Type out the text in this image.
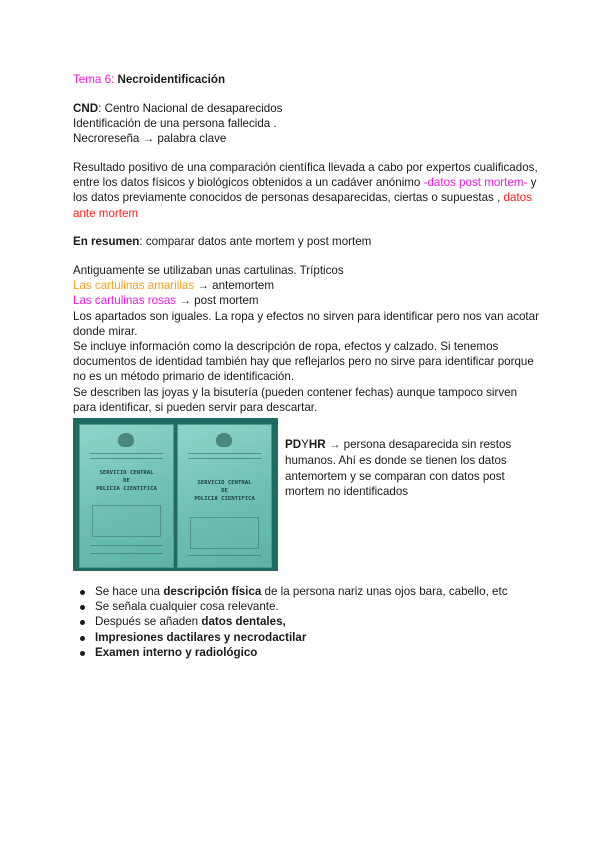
Tema 6: Necroidentificación

CND: Centro Nacional de desaparecidos

Identificación de una persona fallecida .

Necroreseña → palabra clave

Resultado positivo de una comparación científica llevada a cabo por expertos cualificados, entre los datos físicos y biológicos obtenidos a un cadáver anónimo -datos post mortem- y los datos previamente conocidos de personas desaparecidas, ciertas o supuestas , datos ante mortem

En resumen: comparar datos ante mortem y post mortem

Antiguamente se utilizaban unas cartulinas. Trípticos

Las cartulinas amarillas → antemortem

Las cartulinas rosas → post mortem

Los apartados son iguales. La ropa y efectos no sirven para identificar pero nos van acotar donde mirar.

Se incluye información como la descripción de ropa, efectos y calzado. Si tenemos documentos de identidad también hay que reflejarlos pero no sirve para identificar porque no es un método primario de identificación.

Se describen las joyas y la bisutería (pueden contener fechas) aunque tampoco sirven para identificar, si pueden servir para descartar.

SERVICIO CENTRAL
DE
POLICIA CIENTIFICA
SERVICIO CENTRAL
DE
POLICIA CIENTIFICA

PDYHR → persona desaparecida sin restos humanos. Ahí es donde se tienen los datos antemortem y se comparan con datos post mortem no identificados

Se hace una descripción física de la persona nariz unas ojos bara, cabello, etc
Se señala cualquier cosa relevante.
Después se añaden datos dentales,
Impresiones dactilares y necrodactilar
Examen interno y radiológico
